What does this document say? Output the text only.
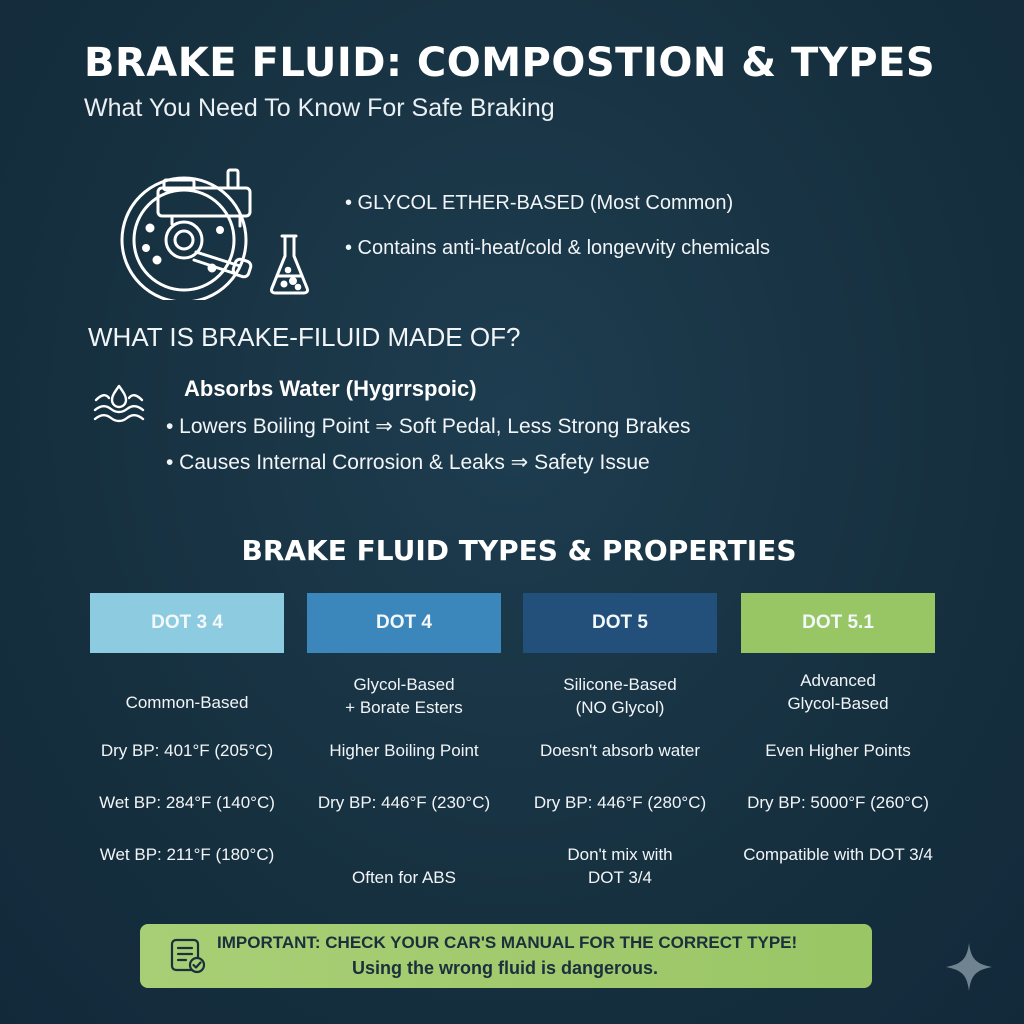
BRAKE FLUID: COMPOSTION & TYPES
What You Need To Know For Safe Braking
• GLYCOL ETHER-BASED (Most Common)
• Contains anti-heat/cold & longevvity chemicals
WHAT IS BRAKE-FILUID MADE OF?
Absorbs Water (Hygrrspoic)
• Lowers Boiling Point ⇒ Soft Pedal, Less Strong Brakes
• Causes Internal Corrosion & Leaks ⇒ Safety Issue
BRAKE FLUID TYPES & PROPERTIES
DOT 3 4
Common-Based
Dry BP: 401°F (205°C)
Wet BP: 284°F (140°C)
Wet BP: 211°F (180°C)
DOT 4
Glycol-Based
+ Borate Esters
Higher Boiling Point
Dry BP: 446°F (230°C)
Often for ABS
DOT 5
Silicone-Based
(NO Glycol)
Doesn't absorb water
Dry BP: 446°F (280°C)
Don't mix with
DOT 3/4
DOT 5.1
Advanced
Glycol-Based
Even Higher Points
Dry BP: 5000°F (260°C)
Compatible with DOT 3/4
IMPORTANT: CHECK YOUR CAR'S MANUAL FOR THE CORRECT TYPE!
Using the wrong fluid is dangerous.
